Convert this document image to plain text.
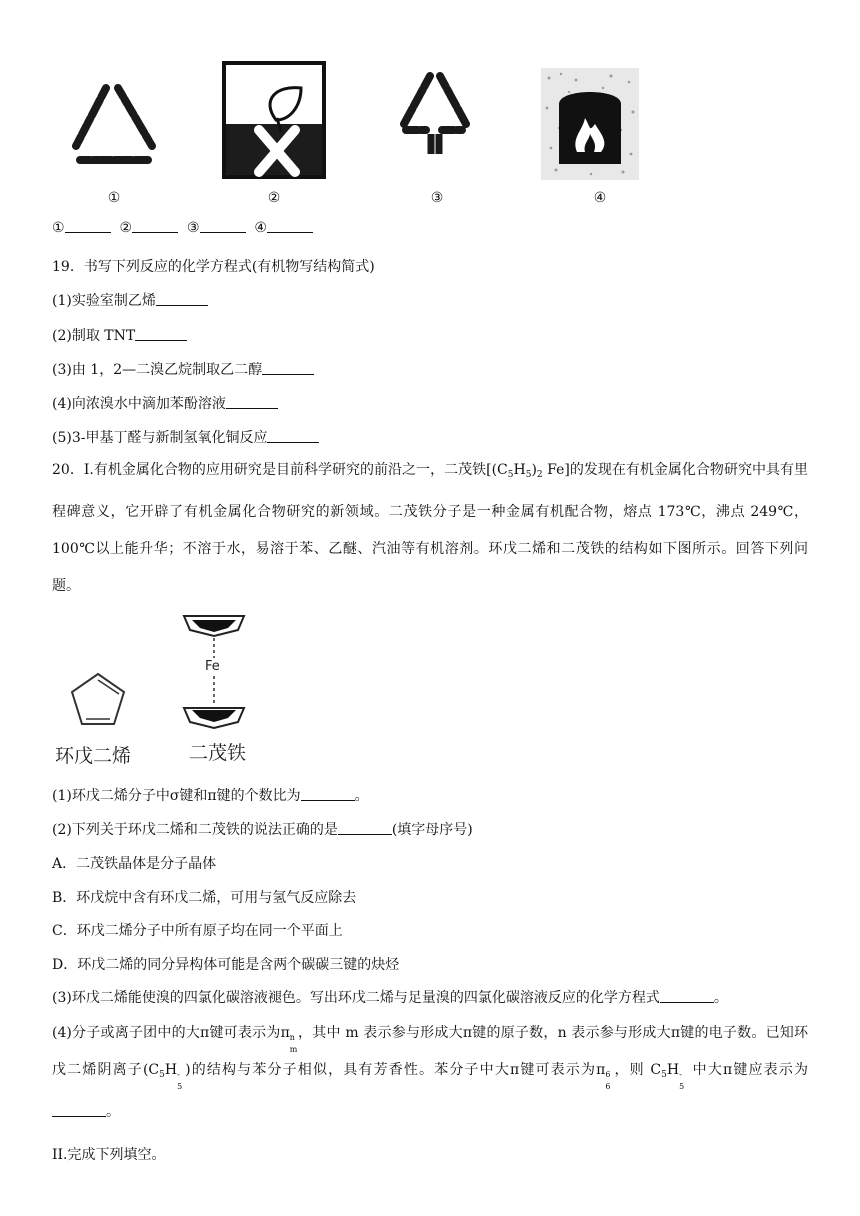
①	②	③	④
①	②	③	④
19．书写下列反应的化学方程式(有机物写结构简式)
(1)实验室制乙烯
(2)制取 TNT
(3)由 1，2—二溴乙烷制取乙二醇
(4)向浓溴水中滴加苯酚溶液
(5)3-甲基丁醛与新制氢氧化铜反应
20．I.有机金属化合物的应用研究是目前科学研究的前沿之一，二茂铁[$(C_5H_5)_2$ Fe]的发现在有机金属化合物研究中具有里程碑意义，它开辟了有机金属化合物研究的新领域。二茂铁分子是一种金属有机配合物，熔点 173℃，沸点 249℃，100℃以上能升华；不溶于水，易溶于苯、乙醚、汽油等有机溶剂。环戊二烯和二茂铁的结构如下图所示。回答下列问题。
Fe
环戊二烯	二茂铁
(1)环戊二烯分子中σ键和π键的个数比为	。
(2)下列关于环戊二烯和二茂铁的说法正确的是	(填字母序号)
A．二茂铁晶体是分子晶体
B．环戊烷中含有环戊二烯，可用与氢气反应除去
C．环戊二烯分子中所有原子均在同一个平面上
D．环戊二烯的同分异构体可能是含两个碳碳三键的炔烃
(3)环戊二烯能使溴的四氯化碳溶液褪色。写出环戊二烯与足量溴的四氯化碳溶液反应的化学方程式	。
(4)分子或离子团中的大π键可表示为π n
m
，其中 m 表示参与形成大π键的原子数，n 表示参与形成大π键的电子数。已知环戊二烯阴离子($C_5H$ -
5
)的结构与苯分子相似，具有芳香性。苯分子中大π键可表示为π 6
6
，则 $C_5H$ -
5
中大π键应表示为。
II.完成下列填空。
